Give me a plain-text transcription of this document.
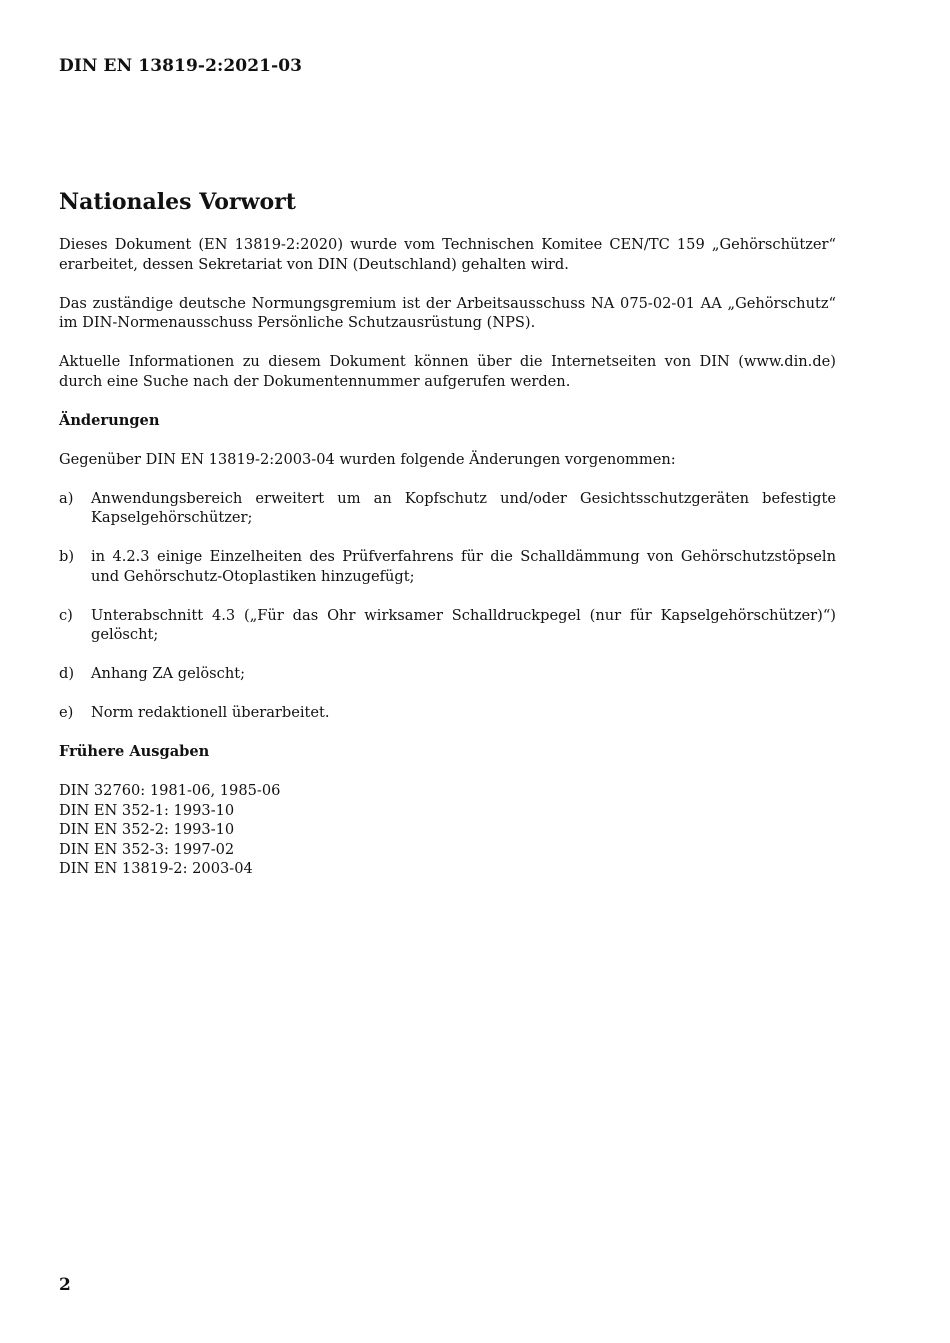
DIN EN 13819-2:2021-03

Nationales Vorwort

Dieses Dokument (EN 13819-2:2020) wurde vom Technischen Komitee CEN/TC 159 „Gehörschützer“ erarbeitet, dessen Sekretariat von DIN (Deutschland) gehalten wird.

Das zuständige deutsche Normungsgremium ist der Arbeitsausschuss NA 075-02-01 AA „Gehörschutz“ im DIN-Normenausschuss Persönliche Schutzausrüstung (NPS).

Aktuelle Informationen zu diesem Dokument können über die Internetseiten von DIN (www.din.de) durch eine Suche nach der Dokumentennummer aufgerufen werden.

Änderungen

Gegenüber DIN EN 13819-2:2003-04 wurden folgende Änderungen vorgenommen:

a)	Anwendungsbereich erweitert um an Kopfschutz und/oder Gesichtsschutzgeräten befestigte Kapselgehörschützer;
b)	in 4.2.3 einige Einzelheiten des Prüfverfahrens für die Schalldämmung von Gehörschutzstöpseln und Gehörschutz-Otoplastiken hinzugefügt;
c)	Unterabschnitt 4.3 („Für das Ohr wirksamer Schalldruckpegel (nur für Kapselgehörschützer)“) gelöscht;
d)	Anhang ZA gelöscht;
e)	Norm redaktionell überarbeitet.
Frühere Ausgaben
DIN 32760: 1981-06, 1985-06
DIN EN 352-1: 1993-10
DIN EN 352-2: 1993-10
DIN EN 352-3: 1997-02
DIN EN 13819-2: 2003-04

2
